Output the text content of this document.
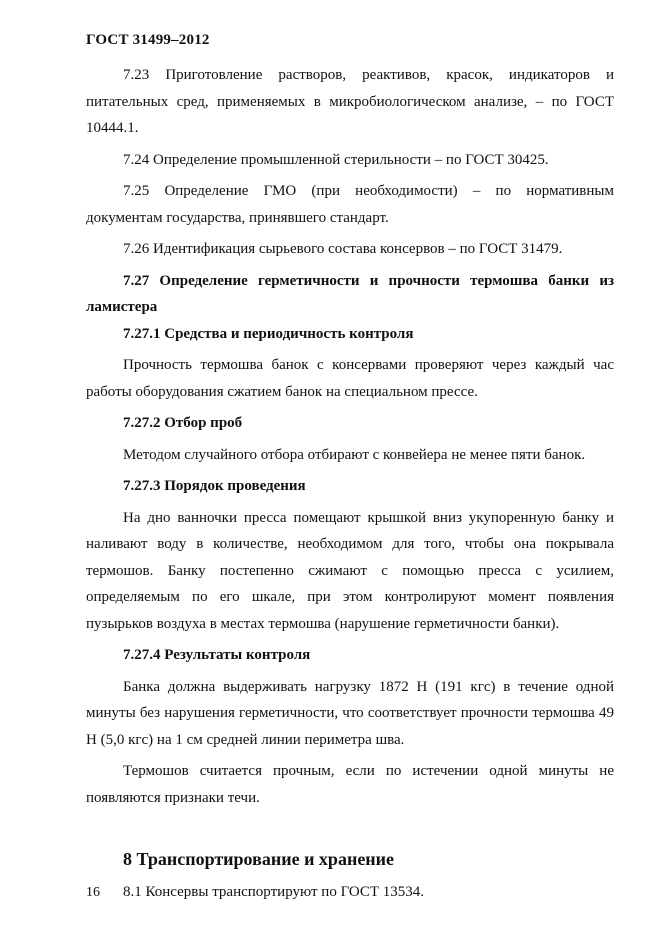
ГОСТ 31499–2012

7.23 Приготовление растворов, реактивов, красок, индикаторов и питательных сред, применяемых в микробиологическом анализе, – по ГОСТ 10444.1.

7.24 Определение промышленной стерильности – по ГОСТ 30425.

7.25 Определение ГМО (при необходимости) – по нормативным документам государства, принявшего стандарт.

7.26 Идентификация сырьевого состава консервов – по ГОСТ 31479.

7.27 Определение герметичности и прочности термошва банки из ламистера

7.27.1 Средства и периодичность контроля

Прочность термошва банок с консервами проверяют через каждый час работы оборудования сжатием банок на специальном прессе.

7.27.2 Отбор проб

Методом случайного отбора отбирают с конвейера не менее пяти банок.

7.27.3 Порядок проведения

На дно ванночки пресса помещают крышкой вниз укупоренную банку и наливают воду в количестве, необходимом для того, чтобы она покрывала термошов. Банку постепенно сжимают с помощью пресса с усилием, определяемым по его шкале, при этом контролируют момент появления пузырьков воздуха в местах термошва (нарушение герметичности банки).

7.27.4 Результаты контроля

Банка должна выдерживать нагрузку 1872 Н (191 кгс) в течение одной минуты без нарушения герметичности, что соответствует прочности термошва 49 Н (5,0 кгс) на 1 см средней линии периметра шва.

Термошов считается прочным, если по истечении одной минуты не появляются признаки течи.

8 Транспортирование и хранение

8.1 Консервы транспортируют по ГОСТ 13534.

16
